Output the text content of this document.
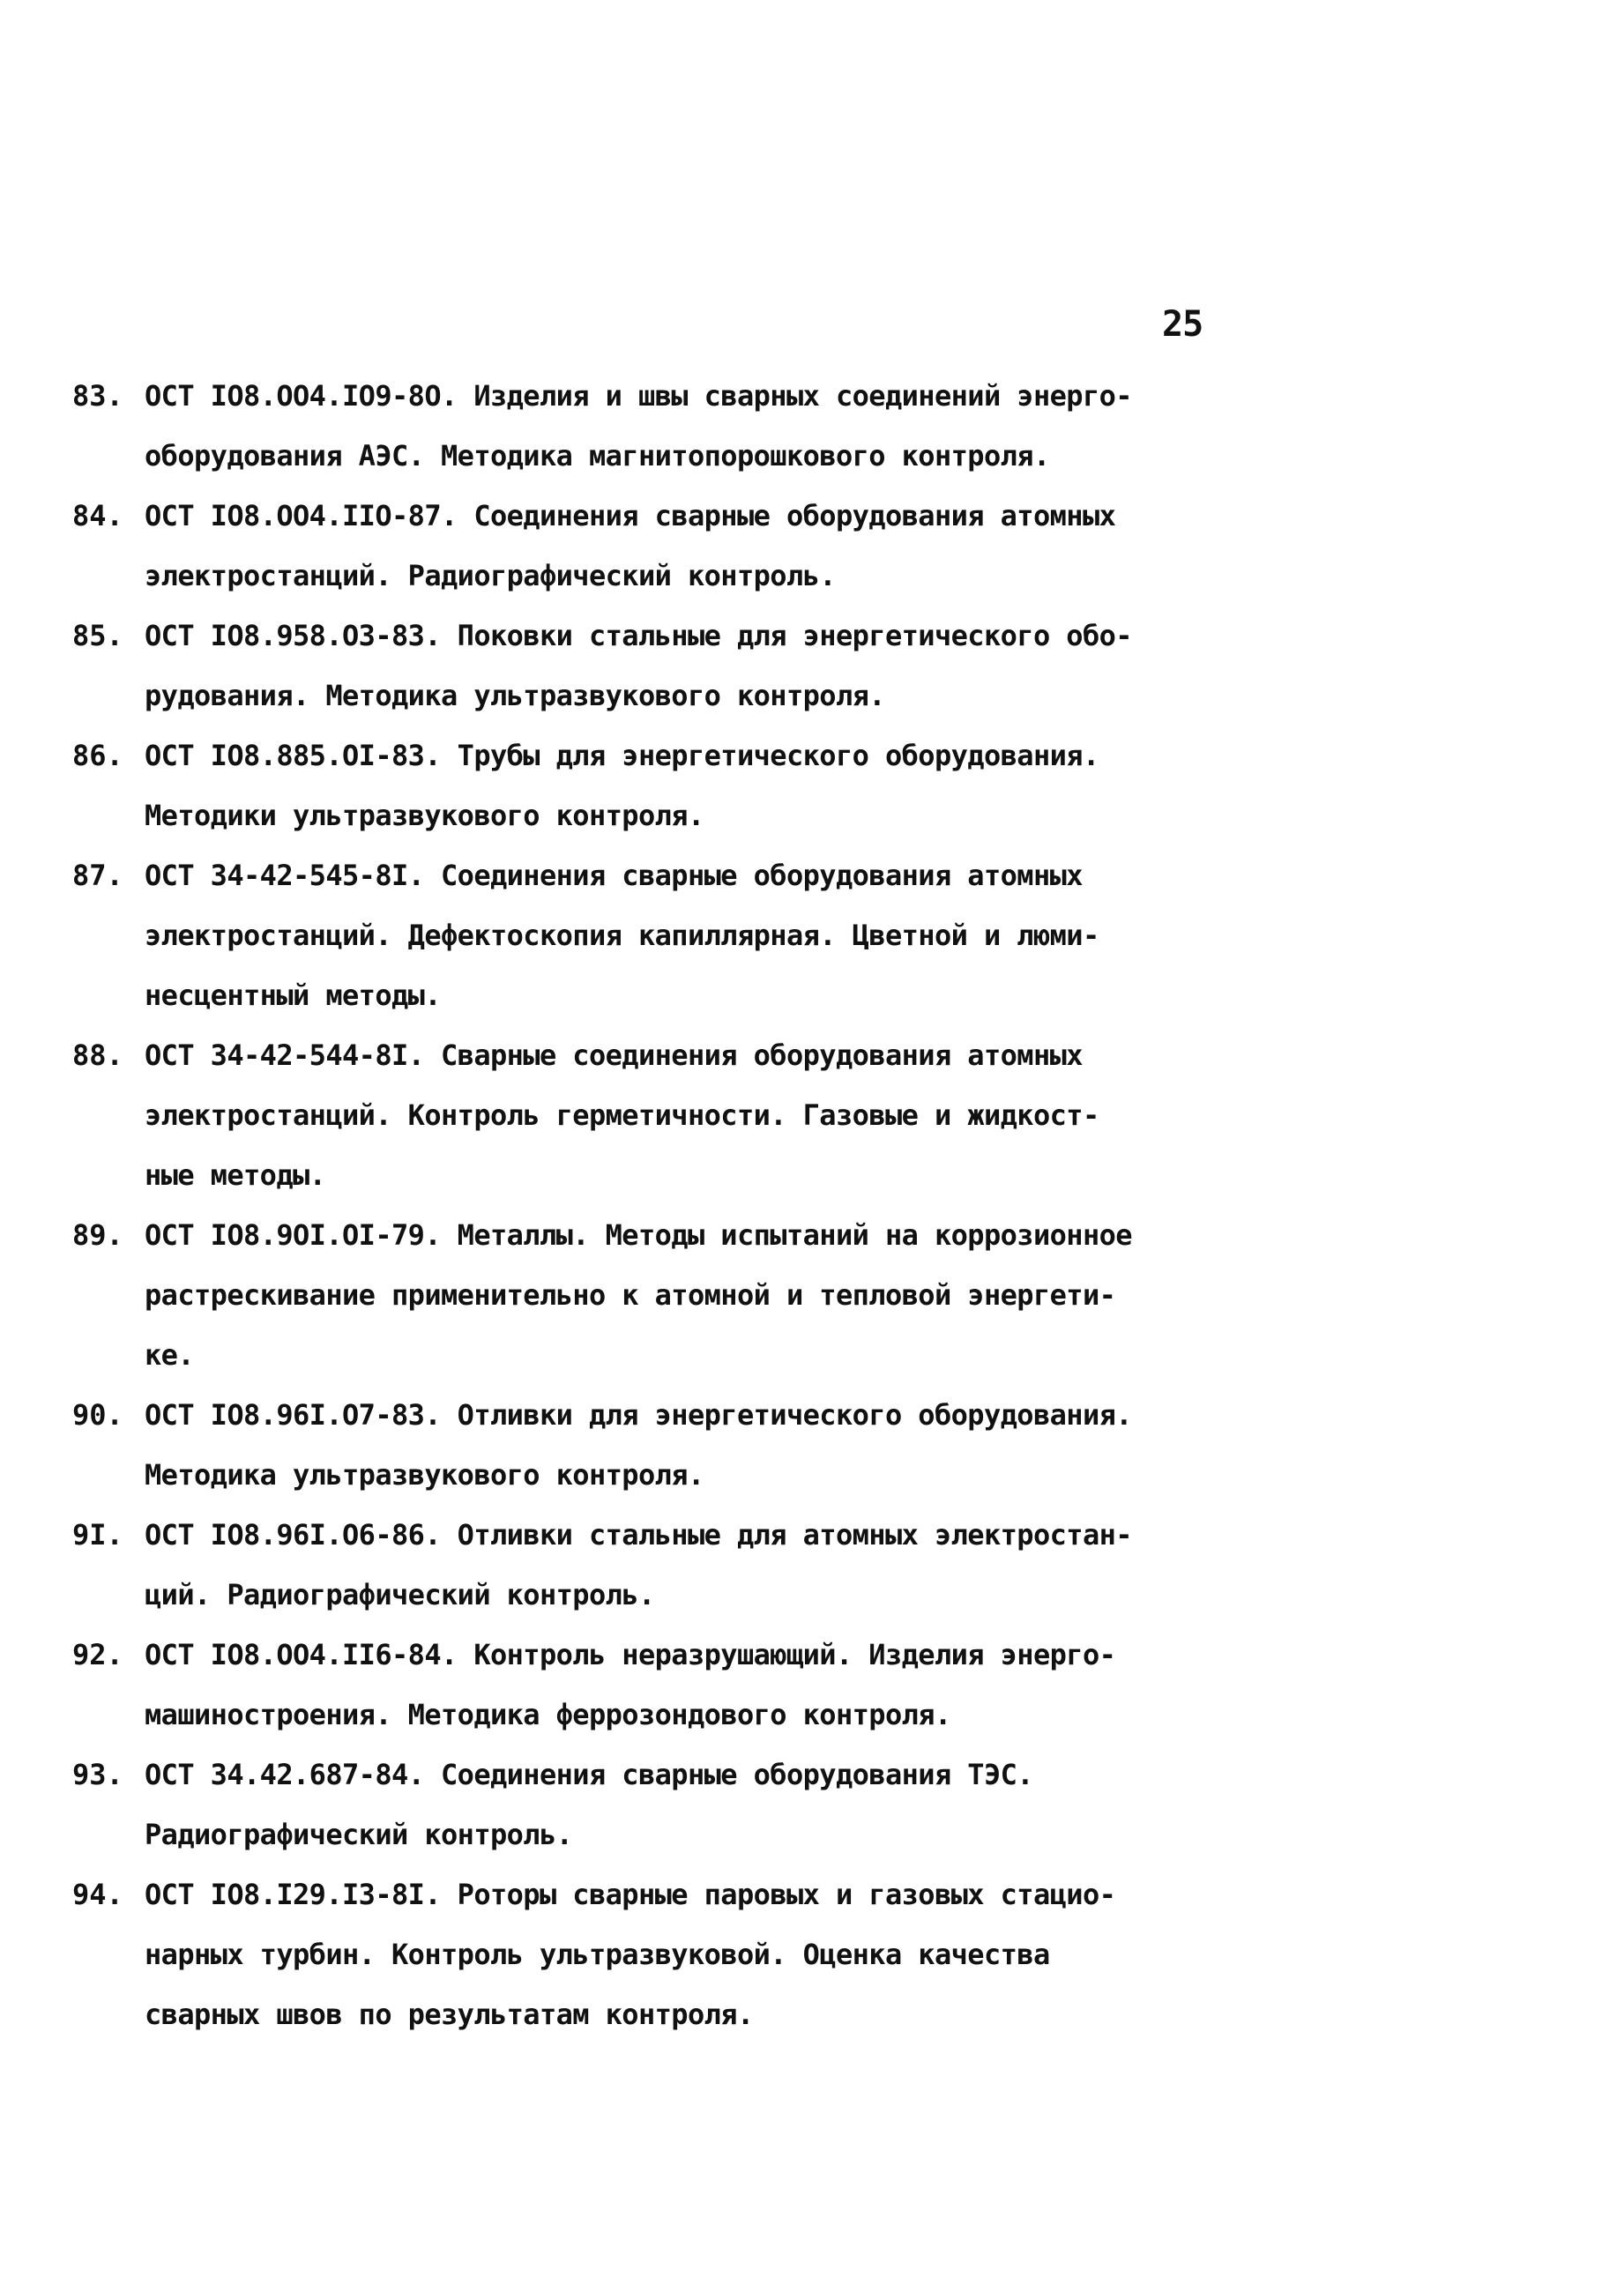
25
83. ОСТ IО8.ОО4.IО9-8О. Изделия и швы сварных соединений энерго-
оборудования АЭС. Методика магнитопорошкового контроля.
84. ОСТ IО8.ОО4.IIО-87. Соединения сварные оборудования атомных
электростанций. Радиографический контроль.
85. ОСТ IО8.958.О3-83. Поковки стальные для энергетического обо-
рудования. Методика ультразвукового контроля.
86. ОСТ IО8.885.ОI-83. Трубы для энергетического оборудования.
Методики ультразвукового контроля.
87. ОСТ 34-42-545-8I. Соединения сварные оборудования атомных
электростанций. Дефектоскопия капиллярная. Цветной и люми-
несцентный методы.
88. ОСТ 34-42-544-8I. Сварные соединения оборудования атомных
электростанций. Контроль герметичности. Газовые и жидкост-
ные методы.
89. ОСТ IО8.9ОI.ОI-79. Металлы. Методы испытаний на коррозионное
растрескивание применительно к атомной и тепловой энергети-
ке.
90. ОСТ IО8.96I.О7-83. Отливки для энергетического оборудования.
Методика ультразвукового контроля.
9I. ОСТ IО8.96I.О6-86. Отливки стальные для атомных электростан-
ций. Радиографический контроль.
92. ОСТ IО8.ОО4.II6-84. Контроль неразрушающий. Изделия энерго-
машиностроения. Методика феррозондового контроля.
93. ОСТ 34.42.687-84. Соединения сварные оборудования ТЭС.
Радиографический контроль.
94. ОСТ IО8.I29.I3-8I. Роторы сварные паровых и газовых стацио-
нарных турбин. Контроль ультразвуковой. Оценка качества
сварных швов по результатам контроля.
